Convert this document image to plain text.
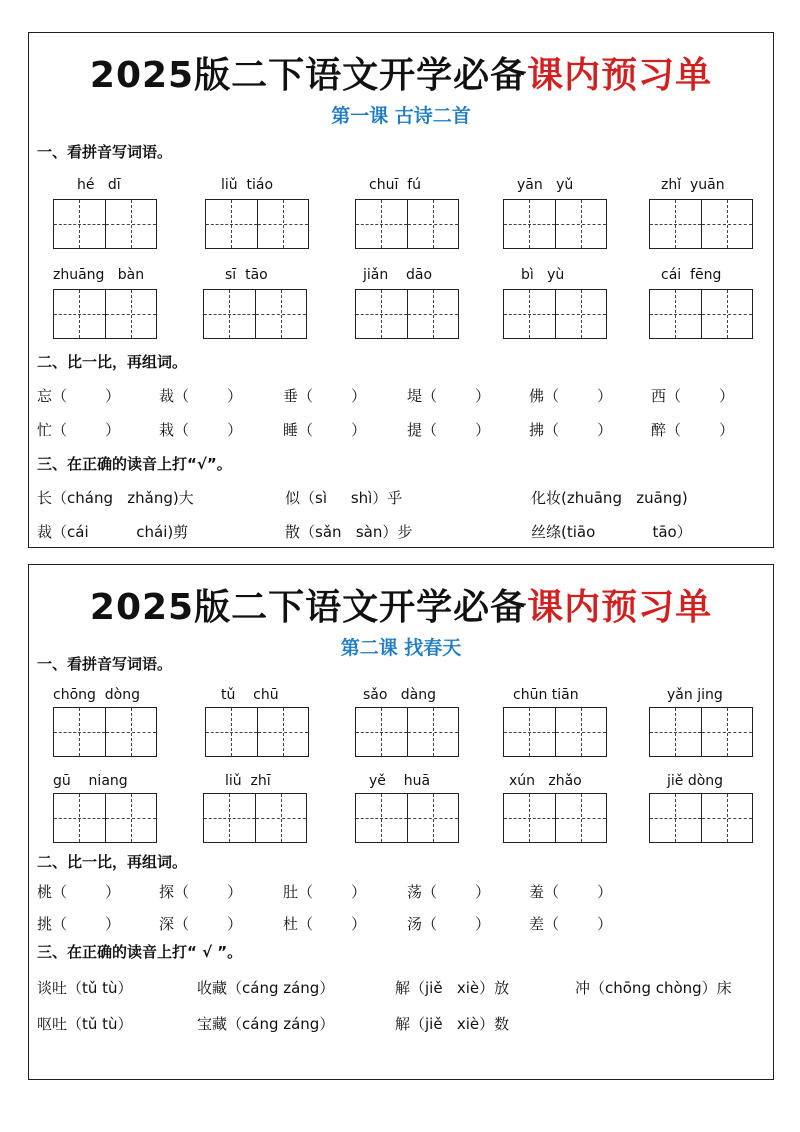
2025版二下语文开学必备课内预习单
第一课 古诗二首
一、看拼音写词语。
hé   dī	liǔ  tiáo	chuī  fú	yān   yǔ	zhǐ  yuān
zhuāng   bàn	sī  tāo	jiǎn    dāo	bì   yù	cái  fēng
二、比一比，再组词。
忘（        ）	裁（        ）	垂（        ）	堤（        ）	佛（        ）	西（        ）
忙（        ）	栽（        ）	睡（        ）	提（        ）	拂（        ）	醉（        ）
三、在正确的读音上打“√”。
长（cháng   zhǎng)大	似（sì     shì）乎	化妆(zhuāng   zuāng)
裁（cái          chái)剪	散（sǎn   sàn）步	丝绦(tiāo            tāo）
2025版二下语文开学必备课内预习单
第二课 找春天
一、看拼音写词语。
chōng  dòng	tǔ    chū	sǎo   dàng	chūn tiān	yǎn jing
gū    niang	liǔ  zhī	yě    huā	xún   zhǎo	jiě dòng
二、比一比，再组词。
桃（        ）	探（        ）	肚（        ）	荡（        ）	羞（        ）
挑（        ）	深（        ）	杜（        ）	汤（        ）	差（        ）
三、在正确的读音上打“ √ ”。
谈吐（tǔ tù）	收藏（cáng záng）	解（jiě   xiè）放	冲（chōng chòng）床
呕吐（tǔ tù）	宝藏（cáng záng）	解（jiě   xiè）数
